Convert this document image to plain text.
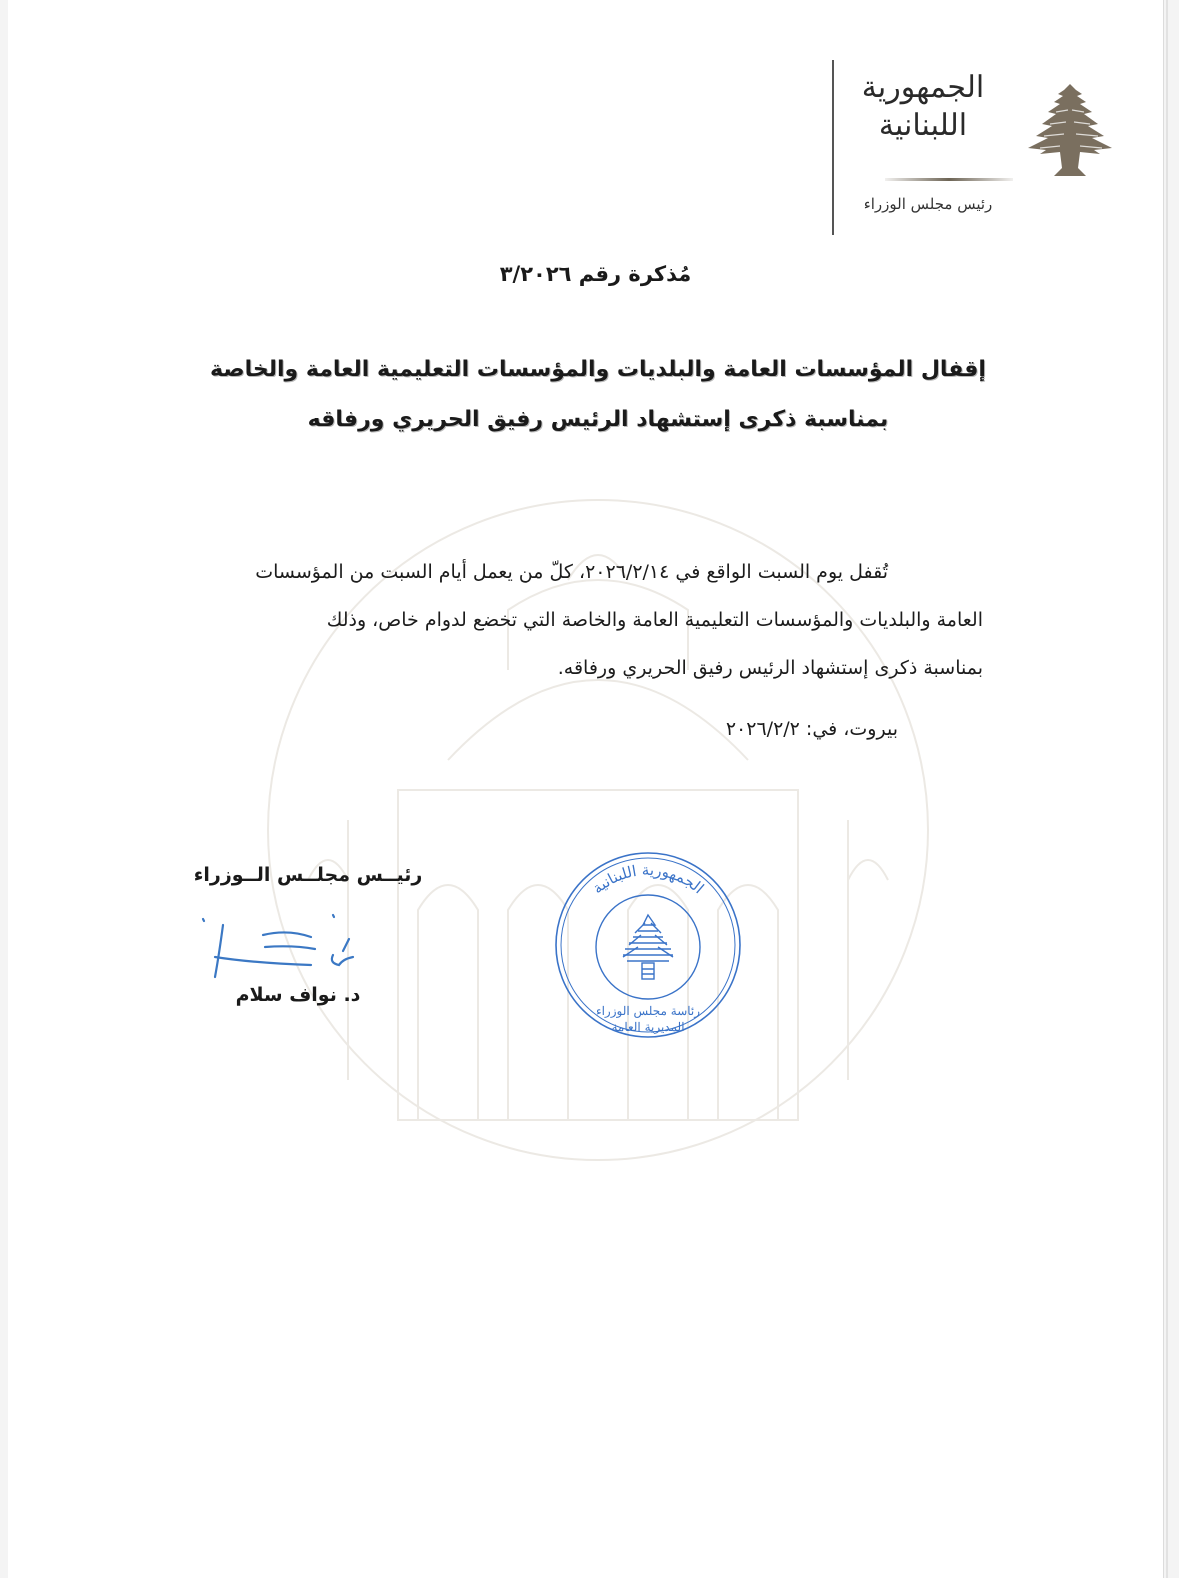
الجمهورية
اللبنانية
رئيس مجلس الوزراء
مُذكرة رقم ٣/٢٠٢٦
إقفال المؤسسات العامة والبلديات والمؤسسات التعليمية العامة والخاصة
بمناسبة ذكرى إستشهاد الرئيس رفيق الحريري ورفاقه
تُقفل يوم السبت الواقع في ٢٠٢٦/٢/١٤، كلّ من يعمل أيام السبت من المؤسسات
العامة والبلديات والمؤسسات التعليمية العامة والخاصة التي تخضع لدوام خاص، وذلك
بمناسبة ذكرى إستشهاد الرئيس رفيق الحريري ورفاقه.
بيروت، في: ٢٠٢٦/٢/٢
رئيــس مجلــس الــوزراء
د. نواف سلام
الجمهورية اللبنانية
رئاسة مجلس الوزراء
المديرية العامة
